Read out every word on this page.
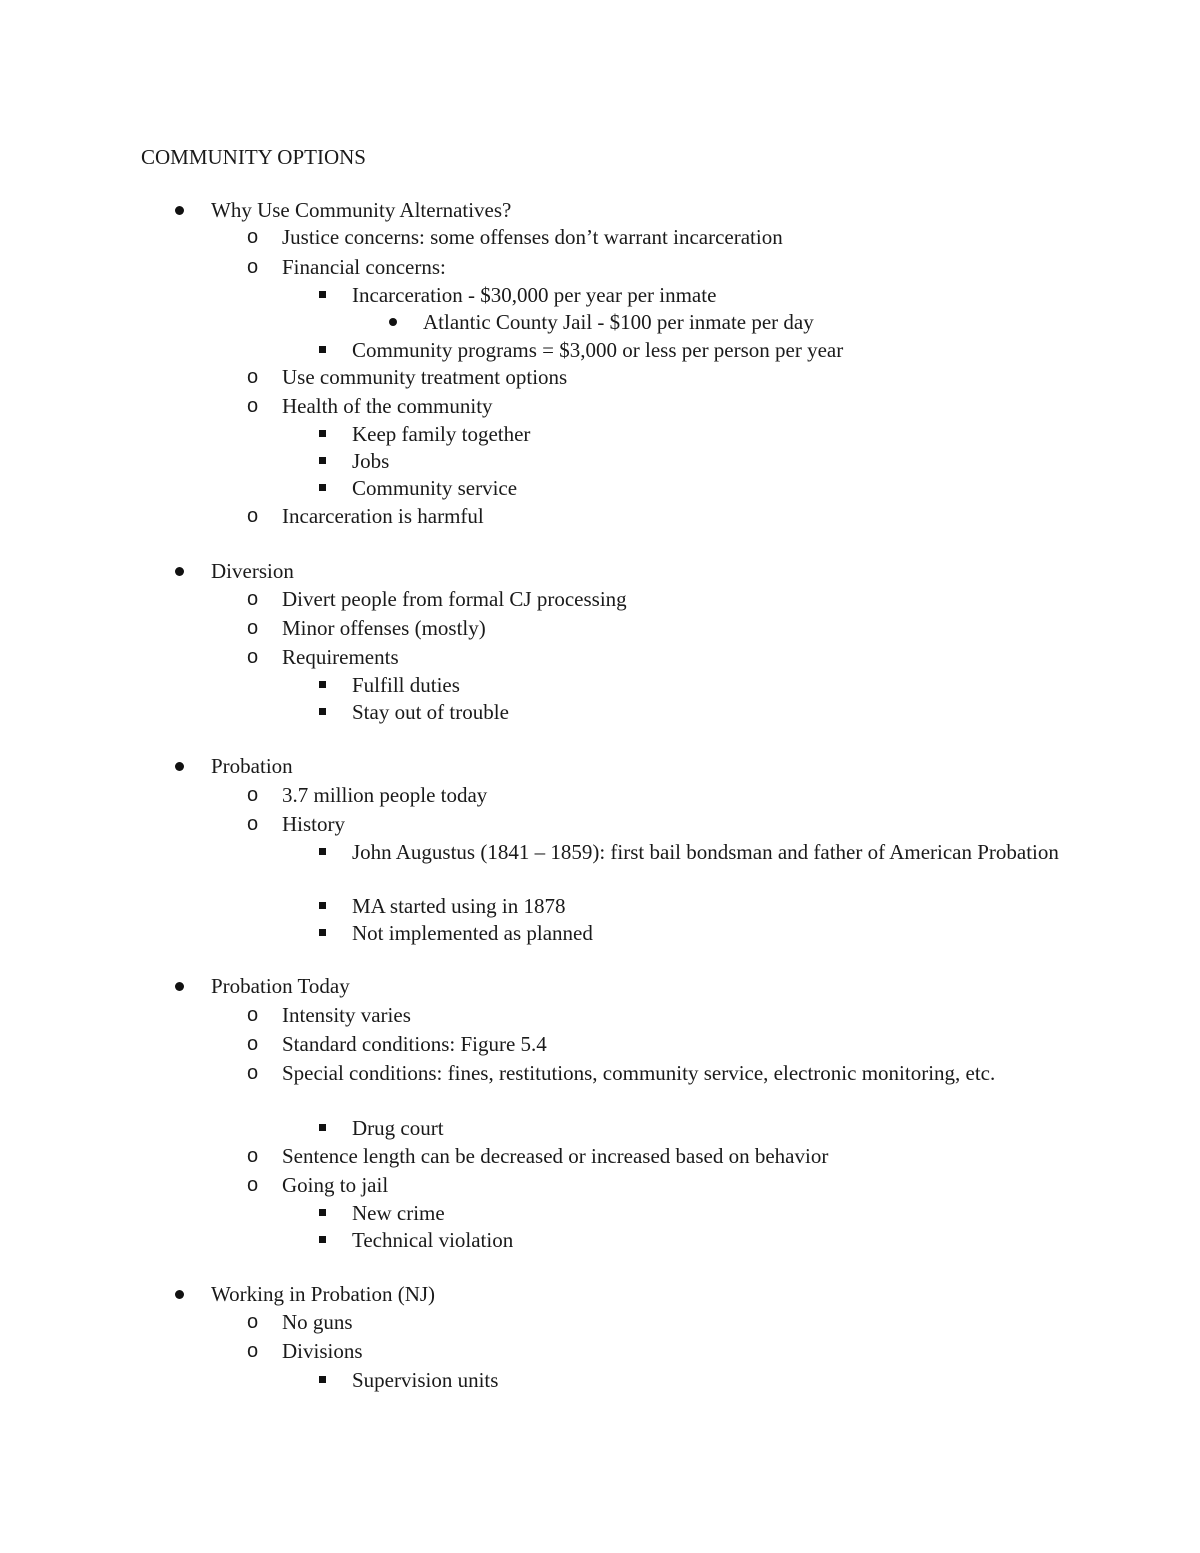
COMMUNITY OPTIONS
Why Use Community Alternatives?
o Justice concerns: some offenses don’t warrant incarceration
o Financial concerns:
Incarceration - $30,000 per year per inmate
Atlantic County Jail - $100 per inmate per day
Community programs = $3,000 or less per person per year
o Use community treatment options
o Health of the community
Keep family together
Jobs
Community service
o Incarceration is harmful
Diversion
o Divert people from formal CJ processing
o Minor offenses (mostly)
o Requirements
Fulfill duties
Stay out of trouble
Probation
o 3.7 million people today
o History
John Augustus (1841 – 1859): first bail bondsman and father of American Probation
MA started using in 1878
Not implemented as planned
Probation Today
o Intensity varies
o Standard conditions: Figure 5.4
o Special conditions: fines, restitutions, community service, electronic monitoring, etc.
Drug court
o Sentence length can be decreased or increased based on behavior
o Going to jail
New crime
Technical violation
Working in Probation (NJ)
o No guns
o Divisions
Supervision units
